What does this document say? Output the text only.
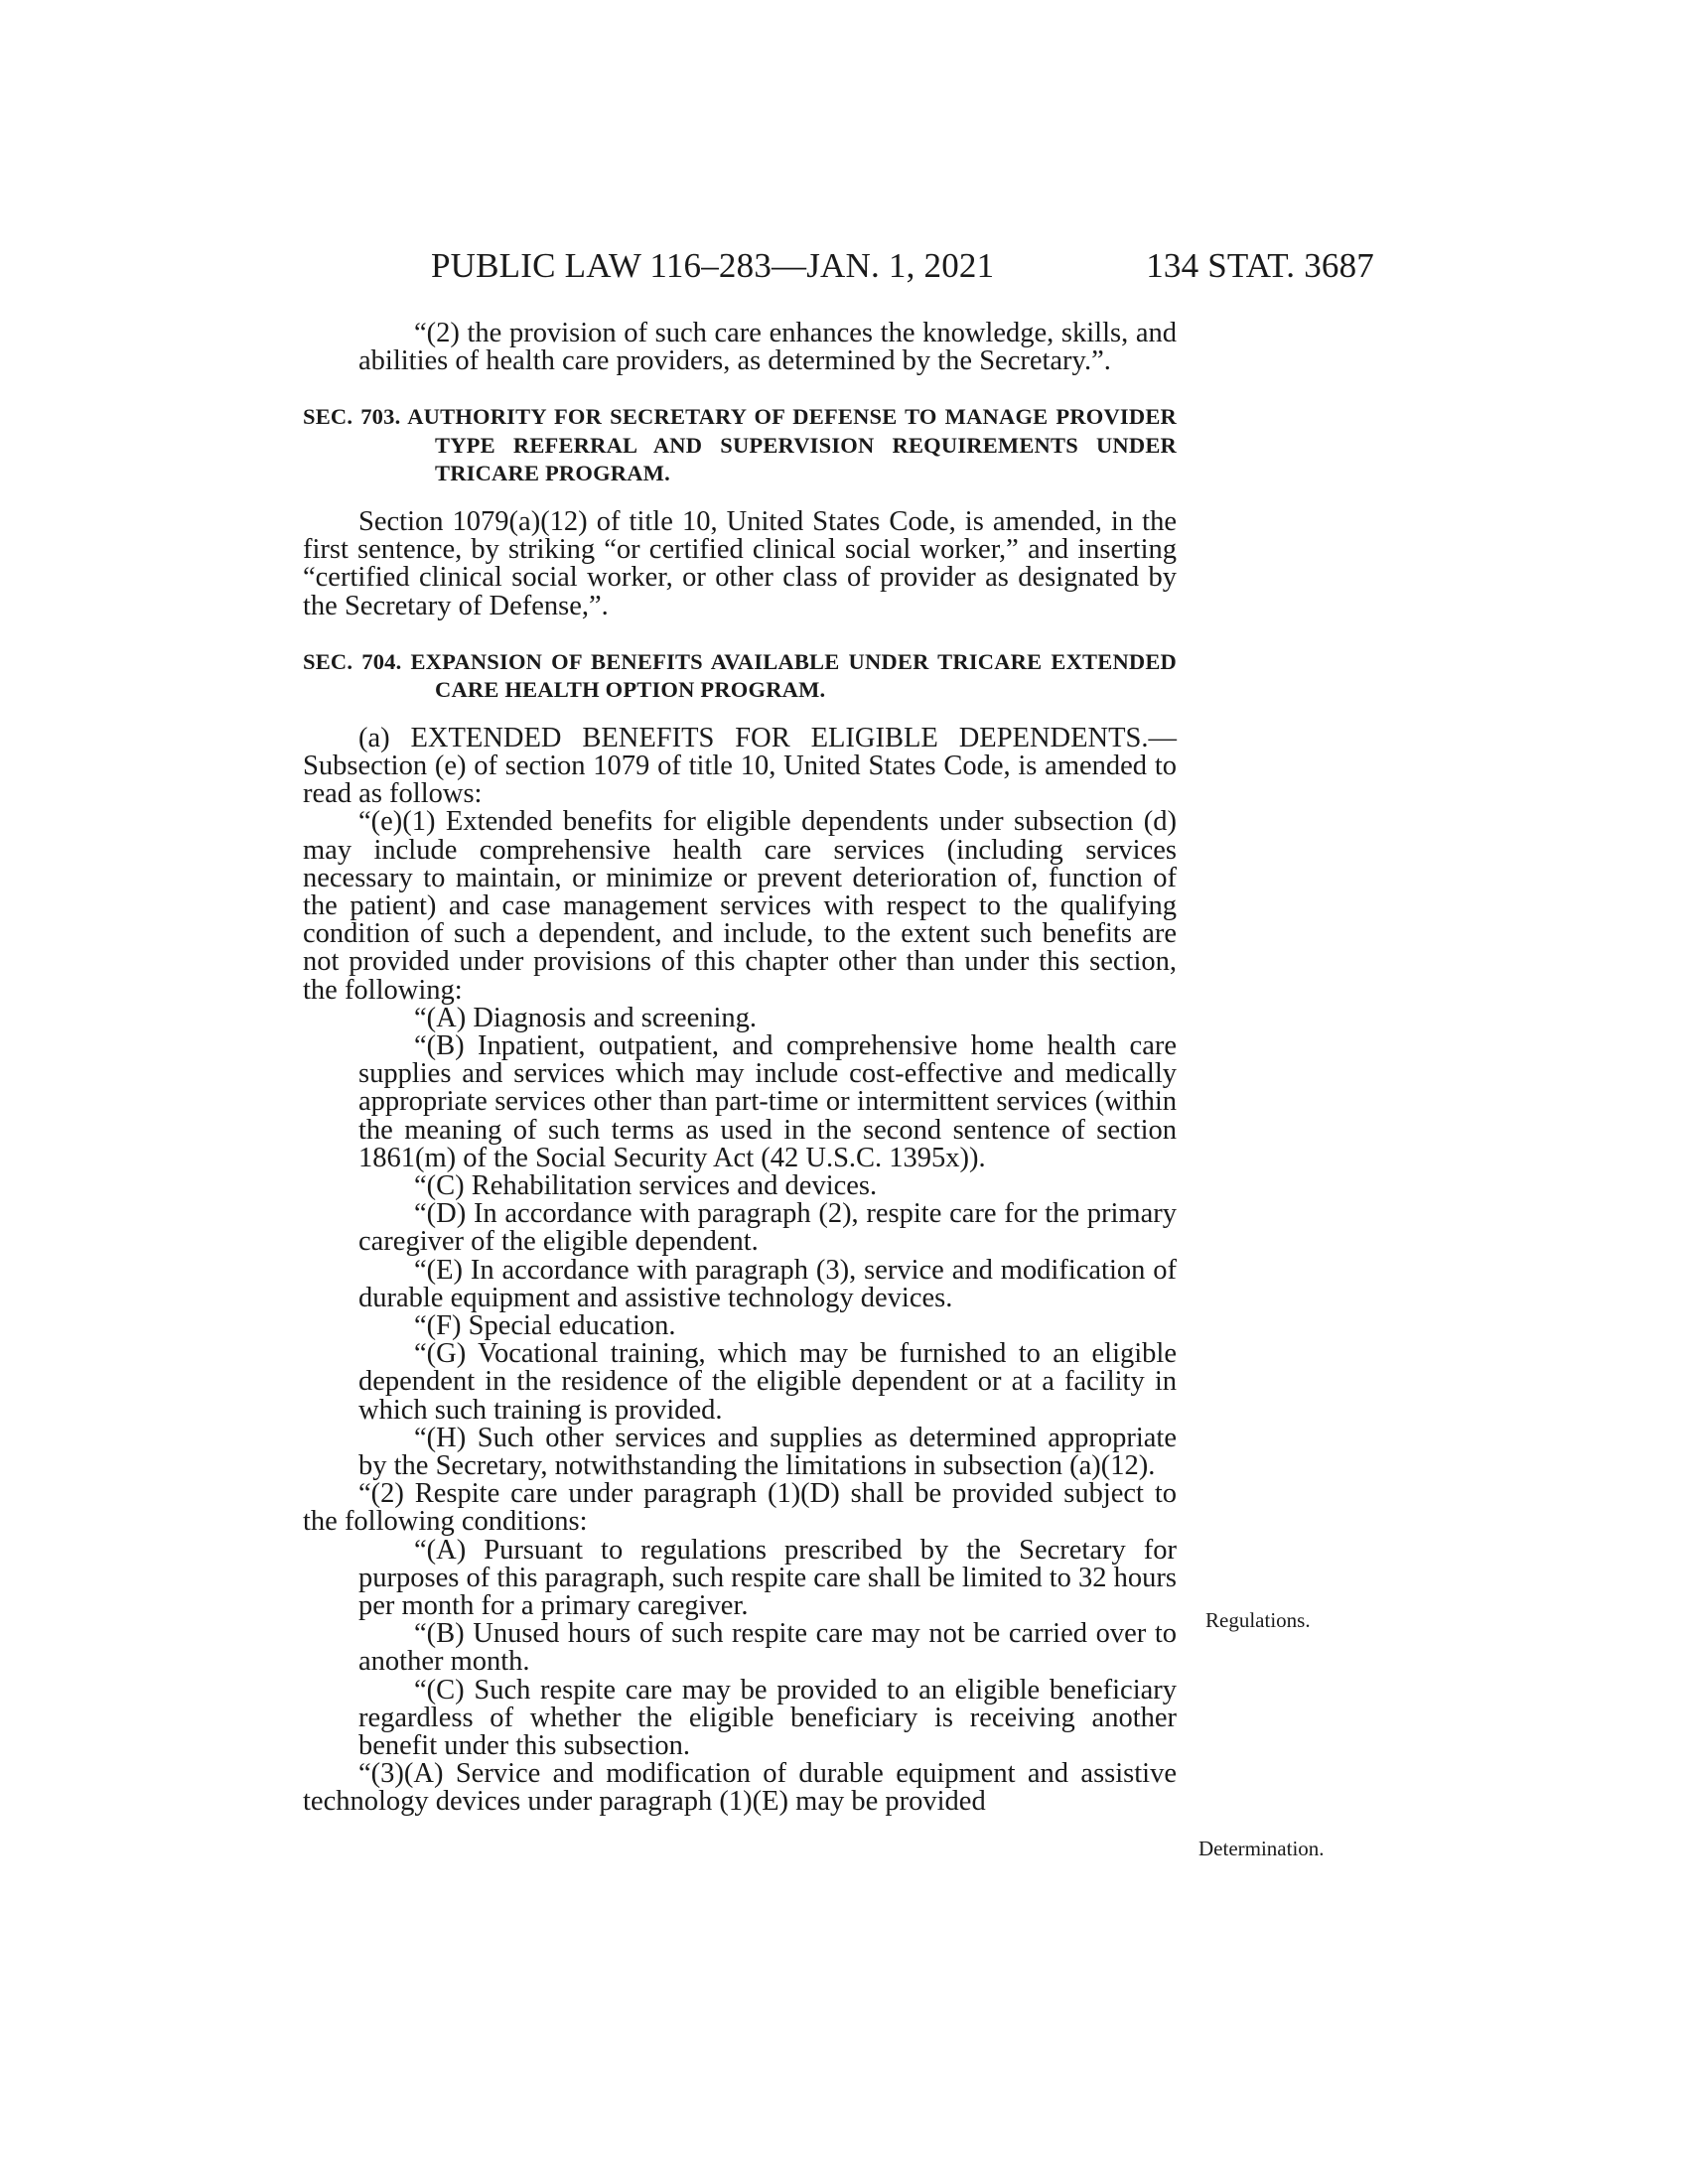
PUBLIC LAW 116–283—JAN. 1, 2021	134 STAT. 3687

“(2) the provision of such care enhances the knowledge, skills, and abilities of health care providers, as determined by the Secretary.”.

SEC. 703. AUTHORITY FOR SECRETARY OF DEFENSE TO MANAGE PROVIDER TYPE REFERRAL AND SUPERVISION REQUIREMENTS UNDER TRICARE PROGRAM.

Section 1079(a)(12) of title 10, United States Code, is amended, in the first sentence, by striking “or certified clinical social worker,” and inserting “certified clinical social worker, or other class of provider as designated by the Secretary of Defense,”.

SEC. 704. EXPANSION OF BENEFITS AVAILABLE UNDER TRICARE EXTENDED CARE HEALTH OPTION PROGRAM.

(a) EXTENDED BENEFITS FOR ELIGIBLE DEPENDENTS.—Subsection (e) of section 1079 of title 10, United States Code, is amended to read as follows:

“(e)(1) Extended benefits for eligible dependents under subsection (d) may include comprehensive health care services (including services necessary to maintain, or minimize or prevent deterioration of, function of the patient) and case management services with respect to the qualifying condition of such a dependent, and include, to the extent such benefits are not provided under provisions of this chapter other than under this section, the following:

“(A) Diagnosis and screening.

“(B) Inpatient, outpatient, and comprehensive home health care supplies and services which may include cost-effective and medically appropriate services other than part-time or intermittent services (within the meaning of such terms as used in the second sentence of section 1861(m) of the Social Security Act (42 U.S.C. 1395x)).

“(C) Rehabilitation services and devices.

“(D) In accordance with paragraph (2), respite care for the primary caregiver of the eligible dependent.

“(E) In accordance with paragraph (3), service and modification of durable equipment and assistive technology devices.

“(F) Special education.

“(G) Vocational training, which may be furnished to an eligible dependent in the residence of the eligible dependent or at a facility in which such training is provided.

“(H) Such other services and supplies as determined appropriate by the Secretary, notwithstanding the limitations in subsection (a)(12).

“(2) Respite care under paragraph (1)(D) shall be provided subject to the following conditions:

“(A) Pursuant to regulations prescribed by the Secretary for purposes of this paragraph, such respite care shall be limited to 32 hours per month for a primary caregiver.

“(B) Unused hours of such respite care may not be carried over to another month.

“(C) Such respite care may be provided to an eligible beneficiary regardless of whether the eligible beneficiary is receiving another benefit under this subsection.

“(3)(A) Service and modification of durable equipment and assistive technology devices under paragraph (1)(E) may be provided

Regulations.
Determination.
